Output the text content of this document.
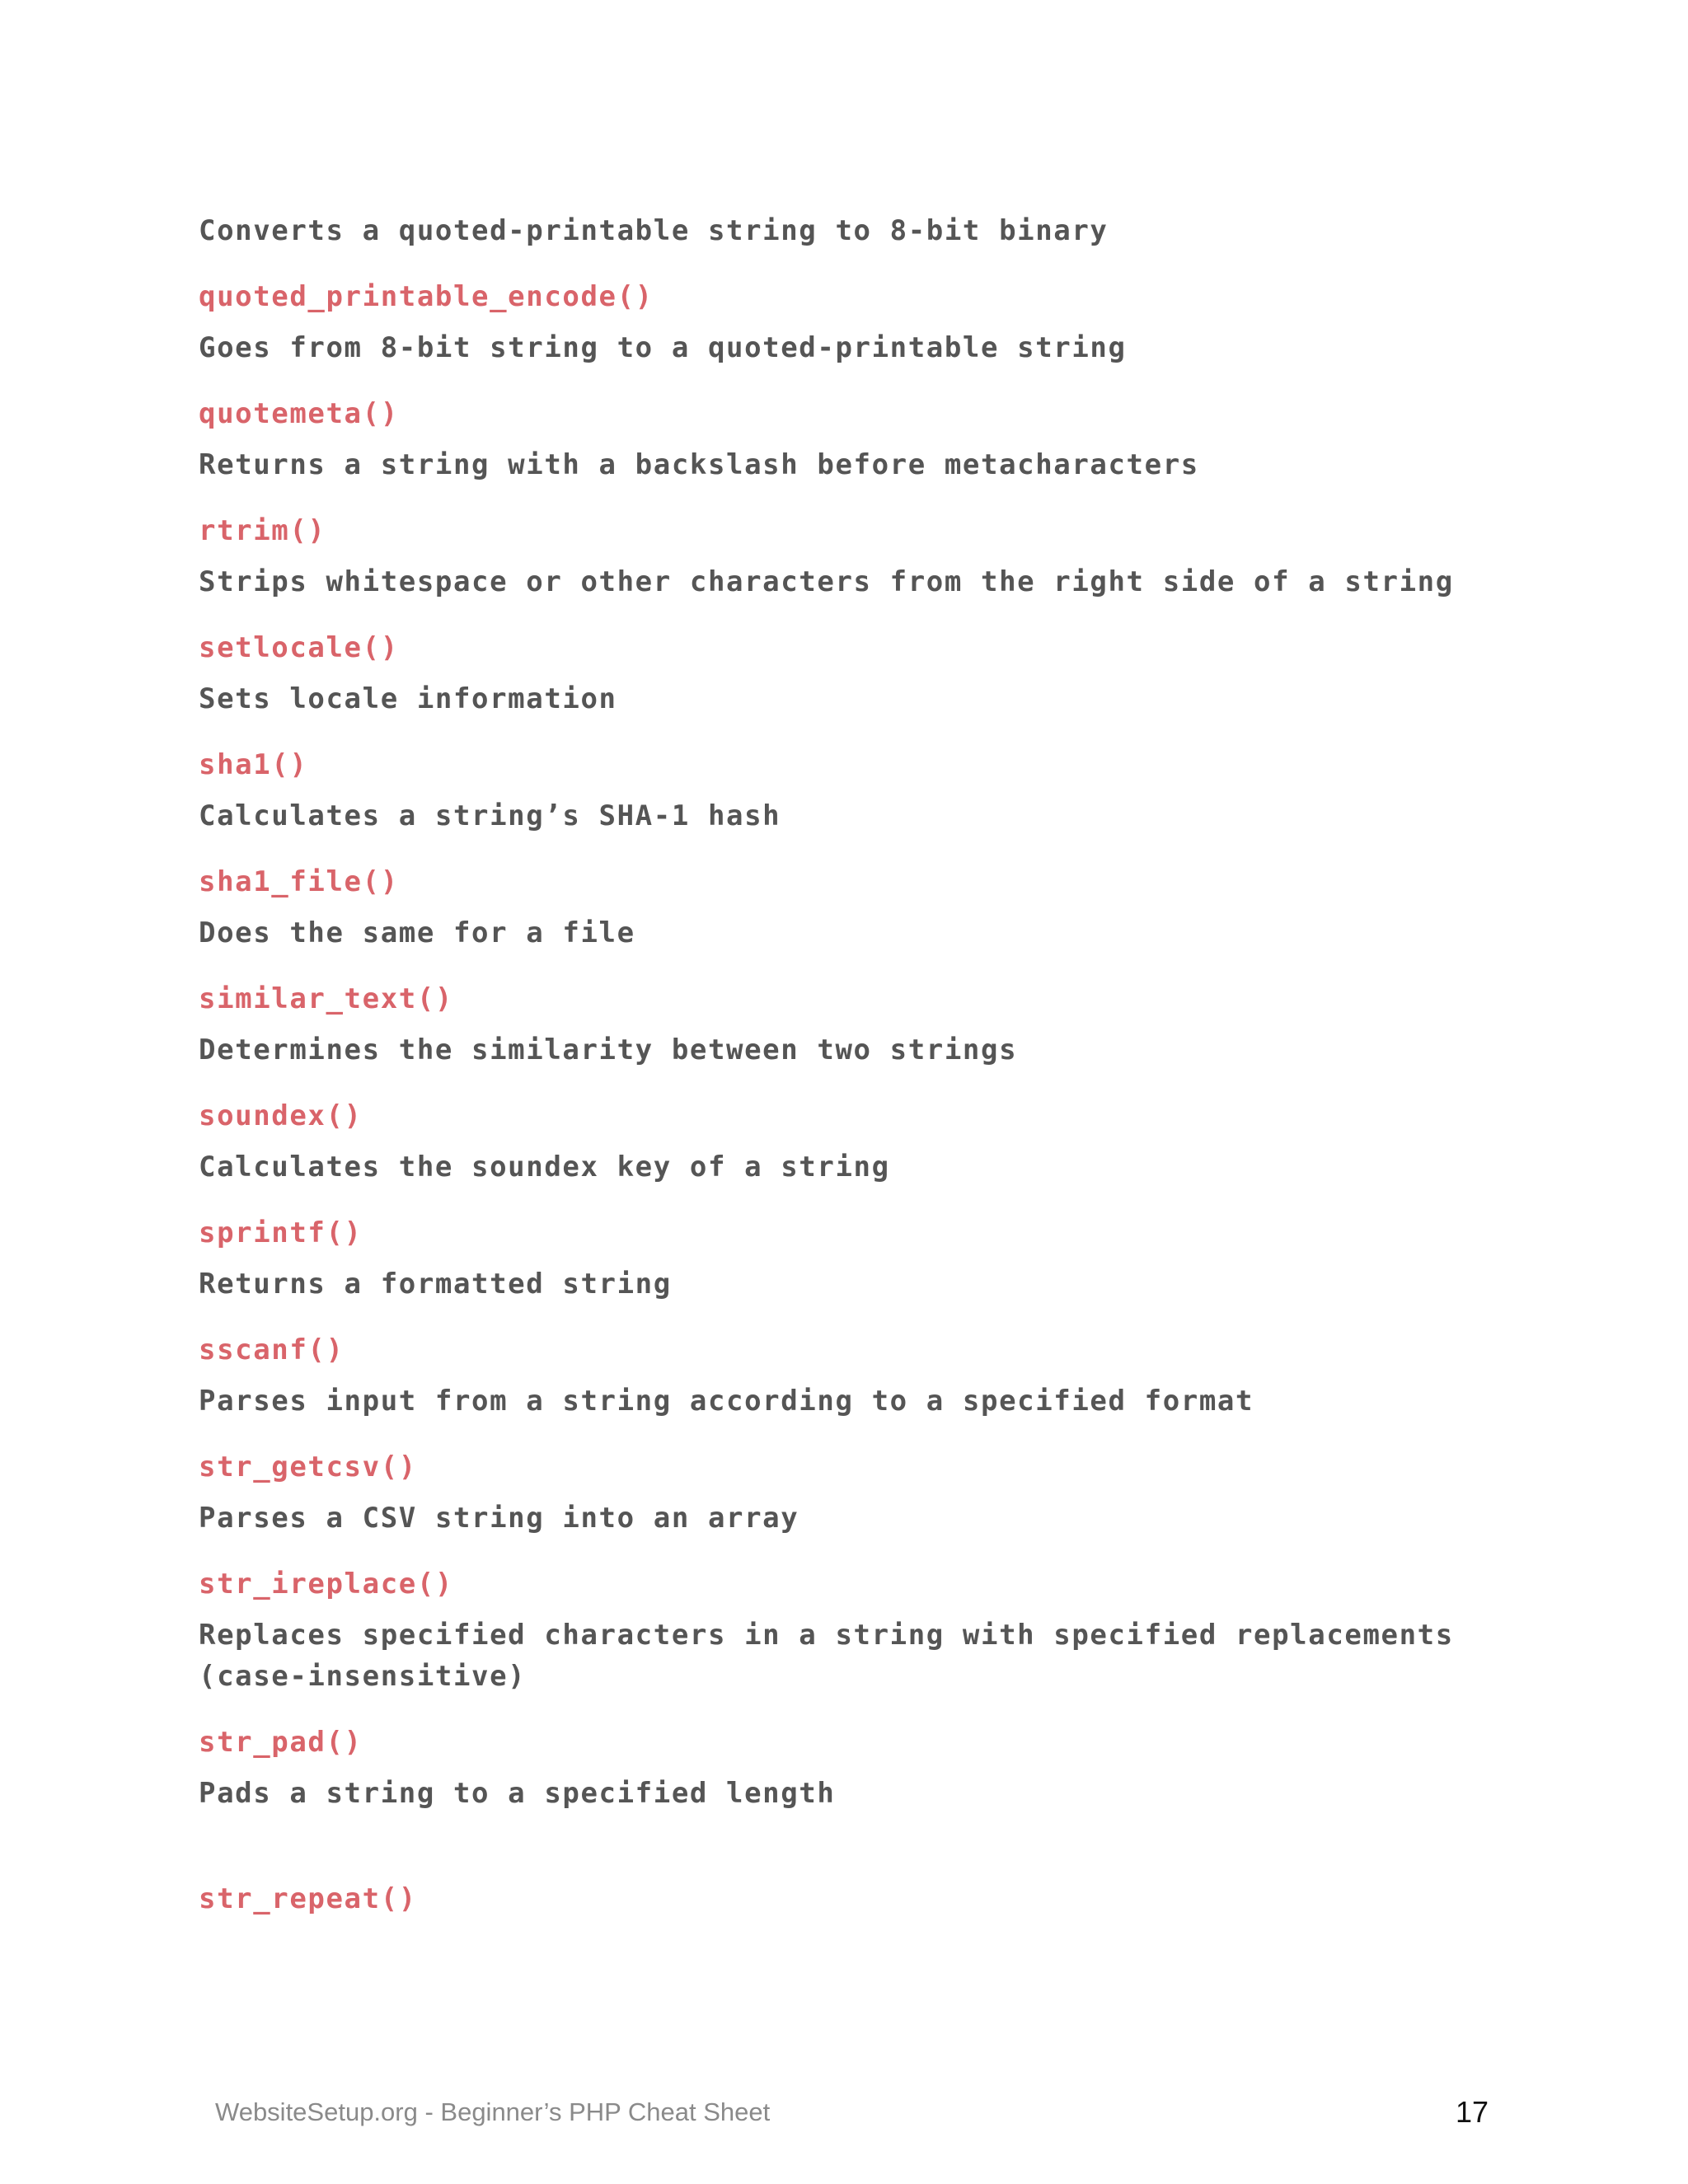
Converts a quoted-printable string to 8-bit binary

quoted_printable_encode()

Goes from 8-bit string to a quoted-printable string

quotemeta()

Returns a string with a backslash before metacharacters

rtrim()

Strips whitespace or other characters from the right side of a string

setlocale()

Sets locale information

sha1()

Calculates a string’s SHA-1 hash

sha1_file()

Does the same for a file

similar_text()

Determines the similarity between two strings

soundex()

Calculates the soundex key of a string

sprintf()

Returns a formatted string

sscanf()

Parses input from a string according to a specified format

str_getcsv()

Parses a CSV string into an array

str_ireplace()

Replaces specified characters in a string with specified replacements
(case-insensitive)

str_pad()

Pads a string to a specified length

str_repeat()

WebsiteSetup.org - Beginner’s PHP Cheat Sheet	17
